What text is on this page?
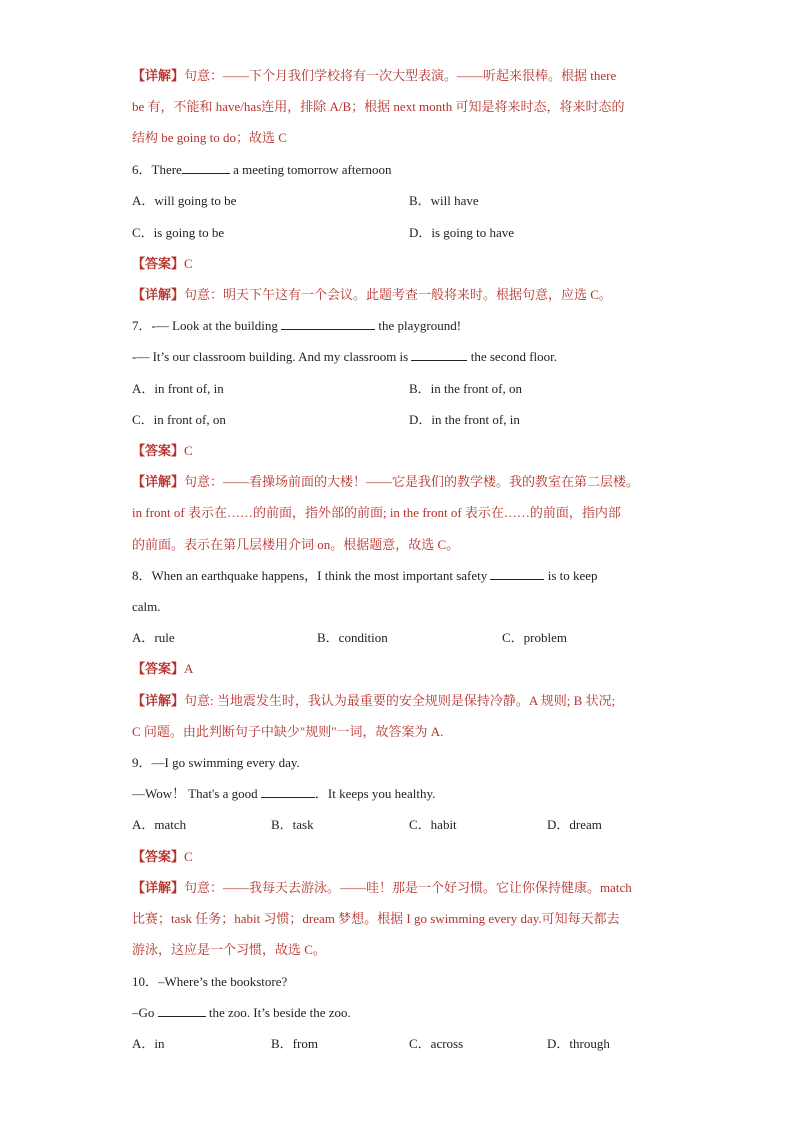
【详解】句意：——下个月我们学校将有一次大型表演。——听起来很棒。根据 there
be 有，不能和 have/has连用，排除 A/B；根据 next month 可知是将来时态，将来时态的
结构 be going to do；故选 C
6．There	a meeting tomorrow afternoon
A．will going to be	B．will have
C．is going to be	D．is going to have
【答案】C
【详解】句意：明天下午这有一个会议。此题考查一般将来时。根据句意，应选 C。
7．-— Look at the building	the playground!
-— It’s our classroom building. And my classroom is	the second floor.
A．in front of, in	B．in the front of, on
C．in front of, on	D．in the front of, in
【答案】C
【详解】句意：——看操场前面的大楼！——它是我们的教学楼。我的教室在第二层楼。
in front of 表示在……的前面，指外部的前面; in the front of 表示在……的前面，指内部
的前面。表示在第几层楼用介词 on。根据题意，故选 C。
8．When an earthquake happens，I think the most important safety	is to keep
calm.
A．rule	B．condition	C．problem
【答案】A
【详解】句意: 当地震发生时，我认为最重要的安全规则是保持冷静。A 规则; B 状况;
C 问题。由此判断句子中缺少"规则"一词，故答案为 A.
9．—I go swimming every day.
—Wow！ That's a good	．It keeps you healthy.
A．match	B．task	C．habit	D．dream
【答案】C
【详解】句意：——我每天去游泳。——哇！那是一个好习惯。它让你保持健康。match
比赛；task 任务；habit 习惯；dream 梦想。根据 I go swimming every day.可知每天都去
游泳，这应是一个习惯，故选 C。
10．–Where’s the bookstore?
–Go	the zoo. It’s beside the zoo.
A．in	B．from	C．across	D．through
